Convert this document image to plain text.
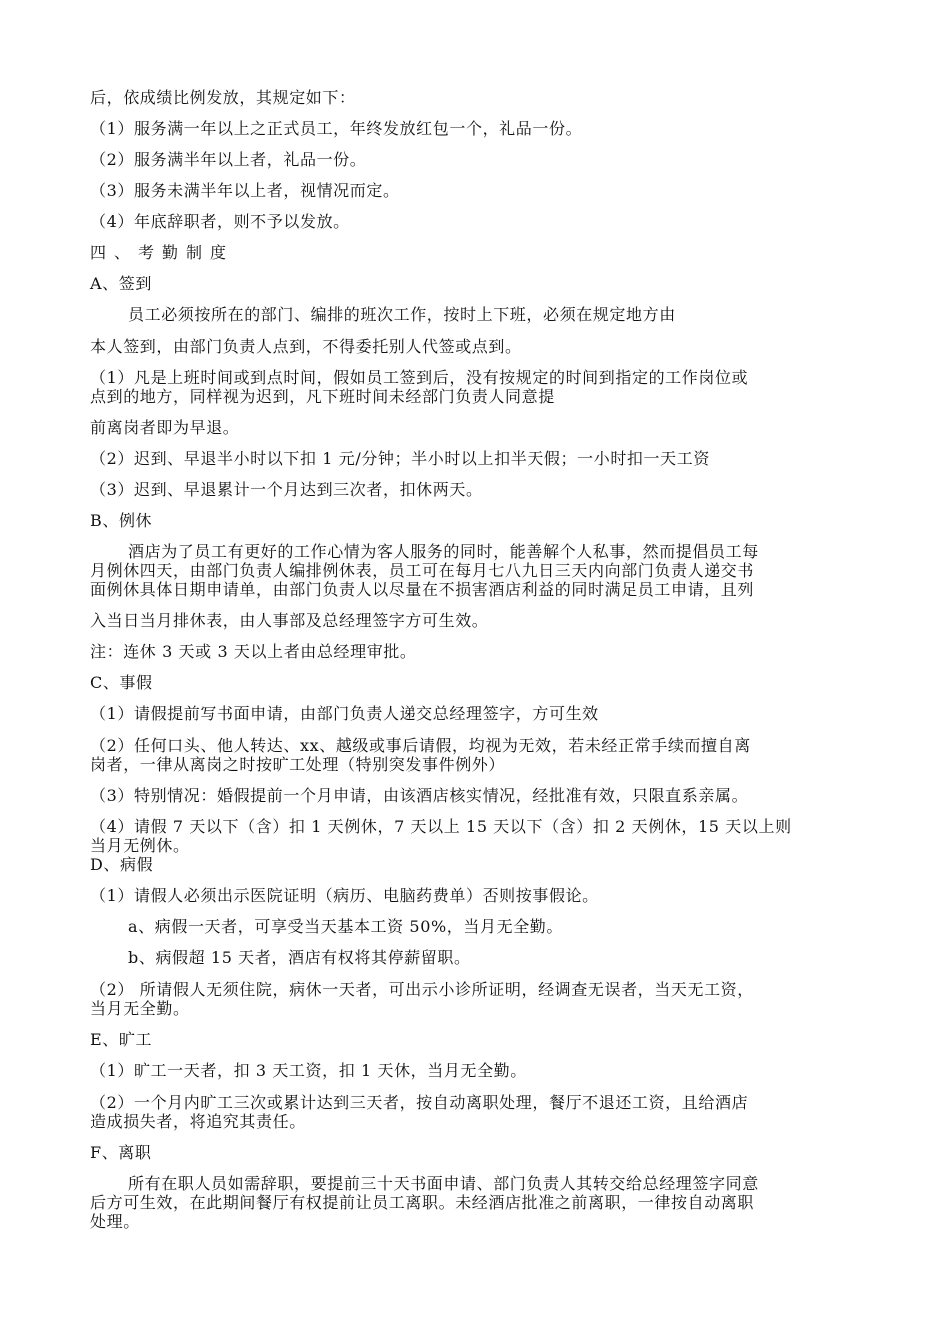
后，依成绩比例发放，其规定如下：
（1）服务满一年以上之正式员工，年终发放红包一个，礼品一份。
（2）服务满半年以上者，礼品一份。
（3）服务未满半年以上者，视情况而定。
（4）年底辞职者，则不予以发放。
四、考勤制度
A、签到
员工必须按所在的部门、编排的班次工作，按时上下班，必须在规定地方由
本人签到，由部门负责人点到，不得委托别人代签或点到。
（1）凡是上班时间或到点时间，假如员工签到后，没有按规定的时间到指定的工作岗位或
点到的地方，同样视为迟到，凡下班时间未经部门负责人同意提
前离岗者即为早退。
（2）迟到、早退半小时以下扣 1 元/分钟；半小时以上扣半天假；一小时扣一天工资
（3）迟到、早退累计一个月达到三次者，扣休两天。
B、例休
酒店为了员工有更好的工作心情为客人服务的同时，能善解个人私事，然而提倡员工每
月例休四天，由部门负责人编排例休表，员工可在每月七八九日三天内向部门负责人递交书
面例休具体日期申请单，由部门负责人以尽量在不损害酒店利益的同时满足员工申请，且列
入当日当月排休表，由人事部及总经理签字方可生效。
注：连休 3 天或 3 天以上者由总经理审批。
C、事假
（1）请假提前写书面申请，由部门负责人递交总经理签字，方可生效
（2）任何口头、他人转达、xx、越级或事后请假，均视为无效，若未经正常手续而擅自离
岗者，一律从离岗之时按旷工处理（特别突发事件例外）
（3）特别情况：婚假提前一个月申请，由该酒店核实情况，经批准有效，只限直系亲属。
（4）请假 7 天以下（含）扣 1 天例休，7 天以上 15 天以下（含）扣 2 天例休，15 天以上则
当月无例休。
D、病假
（1）请假人必须出示医院证明（病历、电脑药费单）否则按事假论。
a、病假一天者，可享受当天基本工资 50%，当月无全勤。
b、病假超 15 天者，酒店有权将其停薪留职。
（2） 所请假人无须住院，病休一天者，可出示小诊所证明，经调查无误者，当天无工资，
当月无全勤。
E、旷工
（1）旷工一天者，扣 3 天工资，扣 1 天休，当月无全勤。
（2）一个月内旷工三次或累计达到三天者，按自动离职处理，餐厅不退还工资，且给酒店
造成损失者，将追究其责任。
F、离职
所有在职人员如需辞职，要提前三十天书面申请、部门负责人其转交给总经理签字同意
后方可生效，在此期间餐厅有权提前让员工离职。未经酒店批准之前离职，一律按自动离职
处理。
